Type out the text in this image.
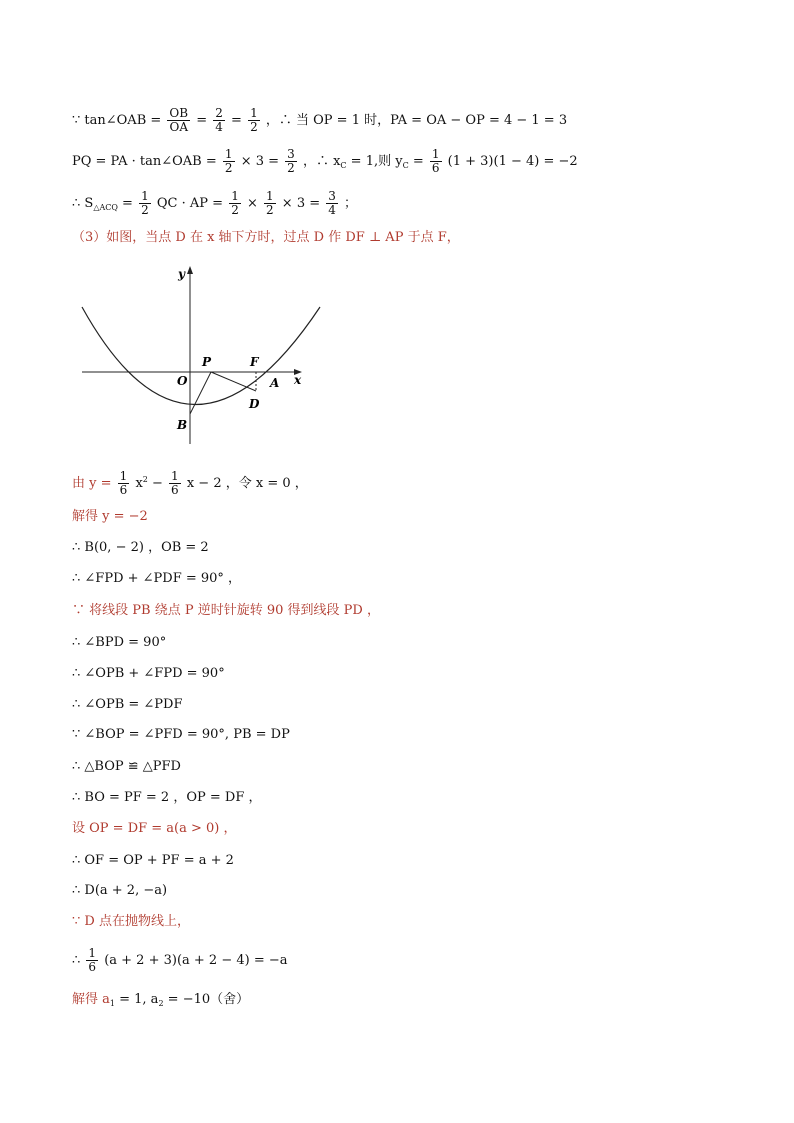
∵ tan∠OAB = $\frac{OB}{OA} = \frac{2}{4} = \frac{1}{2}$ ，∴ 当 OP = 1 时，PA = OA − OP = 4 − 1 = 3
PQ = PA · tan∠OAB = $\frac{1}{2} \times 3 = \frac{3}{2}$ ，∴ $x_C = 1$,则 $y_C = \frac{1}{6} (1 + 3)(1 - 4) = -2$
∴ $S_{\triangle ACQ} = \frac{1}{2}$ QC · AP = $\frac{1}{2} \times \frac{1}{2} \times 3 = \frac{3}{4}$ ；
（3）如图，当点 D 在 x 轴下方时，过点 D 作 DF ⊥ AP 于点 F，
y
x
O
P	F
A
D
B
由 $y = \frac{1}{6} x^2 - \frac{1}{6}$ x − 2 ，令 x = 0 ，
解得 y = −2
∴ B(0, − 2) ，OB = 2
∴ ∠FPD + ∠PDF = 90° ，
∵ 将线段 PB 绕点 P 逆时针旋转 90 得到线段 PD ，
∴ ∠BPD = 90°
∴ ∠OPB + ∠FPD = 90°
∴ ∠OPB = ∠PDF
∵ ∠BOP = ∠PFD = 90°, PB = DP
∴ △BOP ≌ △PFD
∴ BO = PF = 2 ，OP = DF ，
设 OP = DF = a(a > 0) ，
∴ OF = OP + PF = a + 2
∴ D(a + 2, −a)
∵ D 点在抛物线上，
∴ $\frac{1}{6} (a + 2 + 3)(a + 2 - 4) = -a$
解得 $a_1 = 1$, $a_2 = -10$（舍）
